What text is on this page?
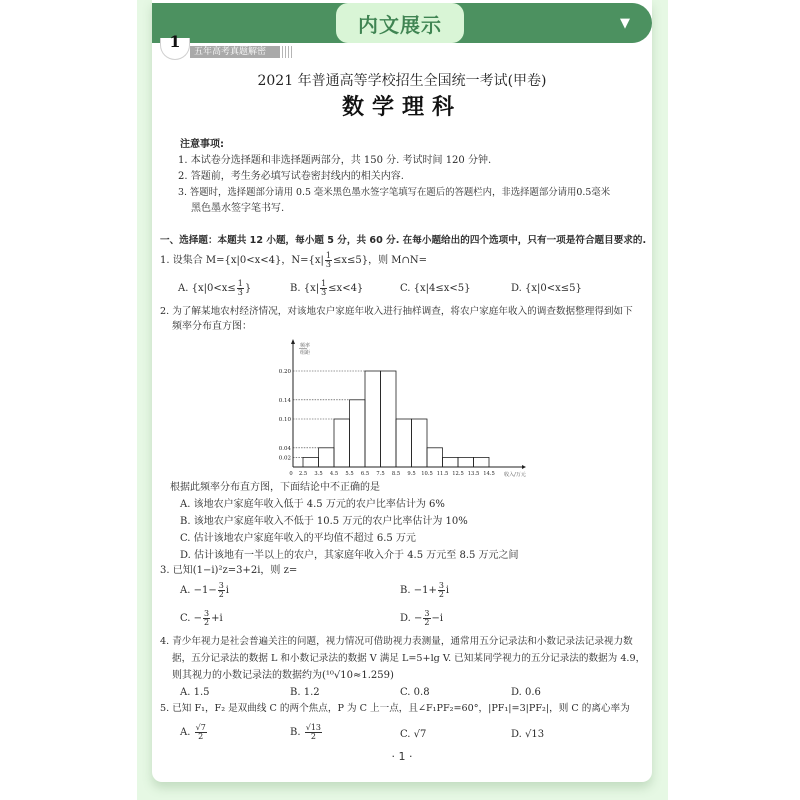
内文展示	▼
1
五年高考真题解密
2021 年普通高等学校招生全国统一考试(甲卷)
数学理科
注意事项:
1. 本试卷分选择题和非选择题两部分，共 150 分. 考试时间 120 分钟.
2. 答题前，考生务必填写试卷密封线内的相关内容.
3. 答题时，选择题部分请用 0.5 毫米黑色墨水签字笔填写在题后的答题栏内，非选择题部分请用0.5毫米
黑色墨水签字笔书写.
一、选择题：本题共 12 小题，每小题 5 分，共 60 分. 在每小题给出的四个选项中，只有一项是符合题目要求的.
1. 设集合 M={x|0<x<4}，$N=\{x| \frac{1}{3} \le x\le 5\}$，则 M∩N=
A. {$x|0<x\le \frac{1}{3}$ }	B. $\{x| \frac{1}{3} \le x<4\}$	C. {x|4≤x<5}	D. {x|0<x≤5}
2. 为了解某地农村经济情况，对该地农户家庭年收入进行抽样调查，将农户家庭年收入的调查数据整理得到如下
频率分布直方图：
频率
组距
0.02
0.04
0.10
0.14
0.20
0 2.5 3.5 4.5 5.5 6.5 7.5 8.5 9.5 10.5 11.5 12.5 13.5 14.5 收入/万元
根据此频率分布直方图，下面结论中不正确的是
A. 该地农户家庭年收入低于 4.5 万元的农户比率估计为 6%
B. 该地农户家庭年收入不低于 10.5 万元的农户比率估计为 10%
C. 估计该地农户家庭年收入的平均值不超过 6.5 万元
D. 估计该地有一半以上的农户，其家庭年收入介于 4.5 万元至 8.5 万元之间
3. 已知(1−i)²z=3+2i，则 z=
A. $-1- \frac{3}{2}$ i	B. $-1+ \frac{3}{2}$ i
C. − $\frac{3}{2} +i$	D. − $\frac{3}{2} -i$
4. 青少年视力是社会普遍关注的问题，视力情况可借助视力表测量，通常用五分记录法和小数记录法记录视力数
据，五分记录法的数据 L 和小数记录法的数据 V 满足 L=5+lg V. 已知某同学视力的五分记录法的数据为 4.9，
则其视力的小数记录法的数据约为(¹⁰√10≈1.259)
A. 1.5	B. 1.2	C. 0.8	D. 0.6
5. 已知 F₁，F₂ 是双曲线 C 的两个焦点，P 为 C 上一点，且∠F₁PF₂=60°，|PF₁|=3|PF₂|，则 C 的离心率为
A. $\frac{√7}{2}$	B. $\frac{√13}{2}$	C. √7	D. √13
· 1 ·
